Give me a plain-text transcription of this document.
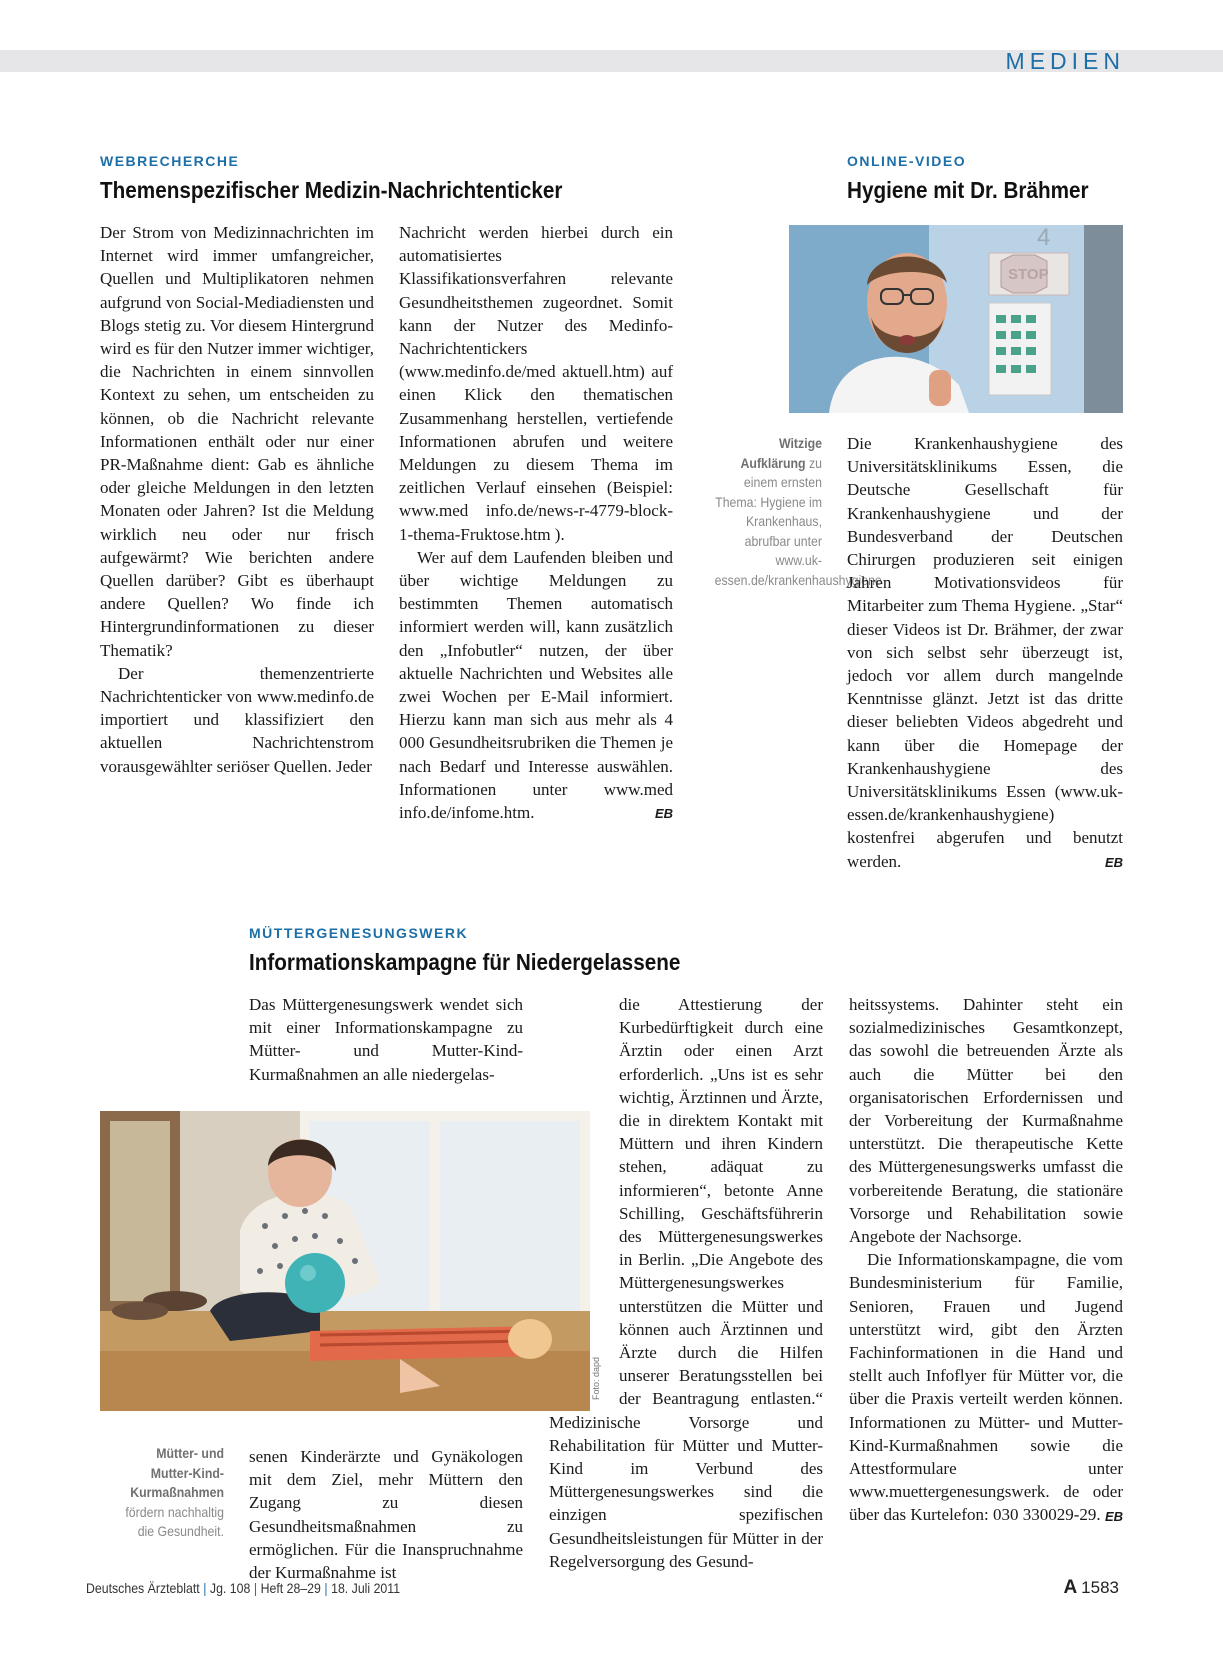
MEDIEN
WEBRECHERCHE
Themenspezifischer Medizin-Nachrichtenticker

Der Strom von Medizinnachrichten im Internet wird immer umfangreicher, Quellen und Multiplikatoren nehmen aufgrund von Social-Mediadiensten und Blogs stetig zu. Vor diesem Hintergrund wird es für den Nutzer immer wichtiger, die Nachrichten in einem sinnvollen Kontext zu sehen, um entscheiden zu können, ob die Nachricht relevante Informationen enthält oder nur einer PR-Maßnahme dient: Gab es ähnliche oder gleiche Meldungen in den letzten Monaten oder Jahren? Ist die Meldung wirklich neu oder nur frisch aufgewärmt? Wie berichten andere Quellen darüber? Gibt es überhaupt andere Quellen? Wo finde ich Hintergrundinformationen zu dieser Thematik?

Der themenzentrierte Nachrichtenticker von www.medinfo.de importiert und klassifiziert den aktuellen Nachrichtenstrom vorausgewählter seriöser Quellen. Jeder

Nachricht werden hierbei durch ein automatisiertes Klassifikationsverfahren relevante Gesundheitsthemen zugeordnet. Somit kann der Nutzer des Medinfo-Nachrichtentickers (www.medinfo.de/med aktuell.htm) auf einen Klick den thematischen Zusammenhang herstellen, vertiefende Informationen abrufen und weitere Meldungen zu diesem Thema im zeitlichen Verlauf einsehen (Beispiel: www.med info.de/news-r-4779-block-1-thema-Fruktose.htm ).

Wer auf dem Laufenden bleiben und über wichtige Meldungen zu bestimmten Themen automatisch informiert werden will, kann zusätzlich den „Infobutler“ nutzen, der über aktuelle Nachrichten und Websites alle zwei Wochen per E-Mail informiert. Hierzu kann man sich aus mehr als 4 000 Gesundheitsrubriken die Themen je nach Bedarf und Interesse auswählen. Informationen unter www.med info.de/infome.htm.	EB
ONLINE-VIDEO
Hygiene mit Dr. Brähmer
4
STOP
Witzige Aufklärung zu einem ernsten Thema: Hygiene im Krankenhaus, abrufbar unter www.uk-essen.de/krankenhaushygiene

Die Krankenhaushygiene des Universitätsklinikums Essen, die Deutsche Gesellschaft für Krankenhaushygiene und der Bundesverband der Deutschen Chirurgen produzieren seit einigen Jahren Motivationsvideos für Mitarbeiter zum Thema Hygiene. „Star“ dieser Videos ist Dr. Brähmer, der zwar von sich selbst sehr überzeugt ist, jedoch vor allem durch mangelnde Kenntnisse glänzt. Jetzt ist das dritte dieser beliebten Videos abgedreht und kann über die Homepage der Krankenhaushygiene des Universitätsklinikums Essen (www.uk-essen.de/krankenhaushygiene) kostenfrei abgerufen und benutzt werden.	EB
MÜTTERGENESUNGSWERK
Informationskampagne für Niedergelassene

Das Müttergenesungswerk wendet sich mit einer Informationskampagne zu Mütter- und Mutter-Kind-Kurmaßnahmen an alle niedergelas-

Foto: dapd
Mütter- und Mutter-Kind-Kurmaßnahmen fördern nachhaltig die Gesundheit.

senen Kinderärzte und Gynäkologen mit dem Ziel, mehr Müttern den Zugang zu diesen Gesundheitsmaßnahmen zu ermöglichen. Für die Inanspruchnahme der Kurmaßnahme ist

die Attestierung der Kurbedürftigkeit durch eine Ärztin oder einen Arzt erforderlich. „Uns ist es sehr wichtig, Ärztinnen und Ärzte, die in direktem Kontakt mit Müttern und ihren Kindern stehen, adäquat zu informieren“, betonte Anne Schilling, Geschäftsführerin des Müttergenesungswerkes in Berlin. „Die Angebote des Müttergenesungswerkes unterstützen die Mütter und können auch Ärztinnen und Ärzte durch die Hilfen unserer Beratungsstellen bei der Beantragung entlasten.“ Medizinische Vorsorge und Rehabilitation für Mütter und Mutter-Kind im Verbund des Müttergenesungswerkes sind die einzigen spezifischen Gesundheitsleistungen für Mütter in der Regelversorgung des Gesund-

heitssystems. Dahinter steht ein sozialmedizinisches Gesamtkonzept, das sowohl die betreuenden Ärzte als auch die Mütter bei den organisatorischen Erfordernissen und der Vorbereitung der Kurmaßnahme unterstützt. Die therapeutische Kette des Müttergenesungswerks umfasst die vorbereitende Beratung, die stationäre Vorsorge und Rehabilitation sowie Angebote der Nachsorge.

Die Informationskampagne, die vom Bundesministerium für Familie, Senioren, Frauen und Jugend unterstützt wird, gibt den Ärzten Fachinformationen in die Hand und stellt auch Infoflyer für Mütter vor, die über die Praxis verteilt werden können. Informationen zu Mütter- und Mutter-Kind-Kurmaßnahmen sowie die Attestformulare unter www.muettergenesungswerk. de oder über das Kurtelefon: 030 330029-29. EB
Deutsches Ärzteblatt | Jg. 108 | Heft 28–29 | 18. Juli 2011	A 1583
